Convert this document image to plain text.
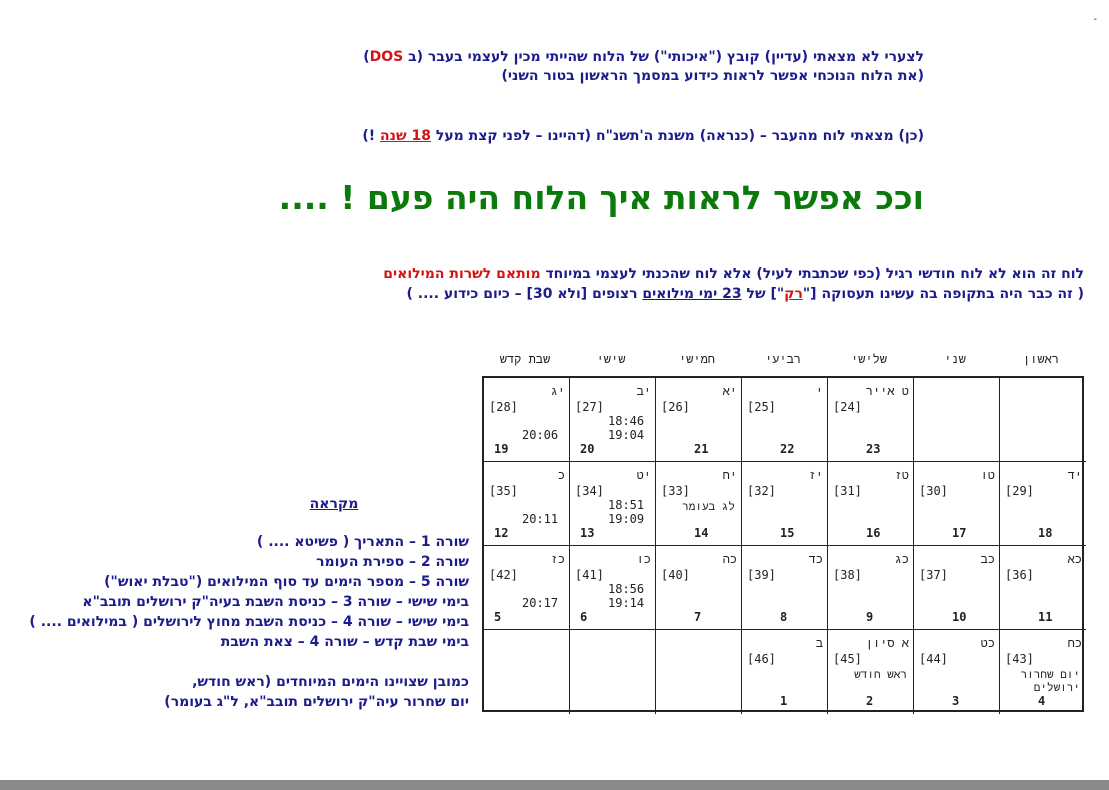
-
לצערי לא מצאתי (עדיין) קובץ ("איכותי") של הלוח שהייתי מכין לעצמי בעבר (ב DOS)
(את הלוח הנוכחי אפשר לראות כידוע במסמך הראשון בטור השני)
(כן) מצאתי לוח מהעבר – (כנראה) משנת ה'תשנ"ח (דהיינו – לפני קצת מעל 18 שנה !)
וככ אפשר לראות איך הלוח היה פעם ! ....
לוח זה הוא לא לוח חודשי רגיל (כפי שכתבתי לעיל) אלא לוח שהכנתי לעצמי במיוחד מותאם לשרות המילואים
( זה כבר היה בתקופה בה עשינו תעסוקה ["רק"] של 23 ימי מילואים רצופים [ולא 30] – כיום כידוע .... )
מקראה
שורה 1 – התאריך ( פשיטא .... )
שורה 2 – ספירת העומר
שורה 5 – מספר הימים עד סוף המילואים ("טבלת יאוש")
בימי שישי – שורה 3 – כניסת השבת בעיה"ק ירושלים תובב"א
בימי שישי – שורה 4 – כניסת השבת מחוץ לירושלים ( במילואים .... )
בימי שבת קדש – שורה 4 – צאת השבת
כמובן שצויינו הימים המיוחדים (ראש חודש,
יום שחרור עיה"ק ירושלים תובב"א, ל"ג בעומר)
ראשון
שני
שלישי
רביעי
חמישי
שישי
שבת קדש
ט אייר
[24]
23
י
[25]
22
יא
[26]
21
יב
[27]
18:46
19:04
20
יג
[28]
20:06
19
יד
[29]
18
טו
[30]
17
טז
[31]
16
יז
[32]
15
יח
[33]
לג בעומר
14
יט
[34]
18:51
19:09
13
כ
[35]
20:11
12
כא
[36]
11
כב
[37]
10
כג
[38]
9
כד
[39]
8
כה
[40]
7
כו
[41]
18:56
19:14
6
כז
[42]
20:17
5
כח
[43]
יום שחרור ירושלים
4
כט
[44]
3
א סיון
[45]
ראש חודש
2
ב
[46]
1
